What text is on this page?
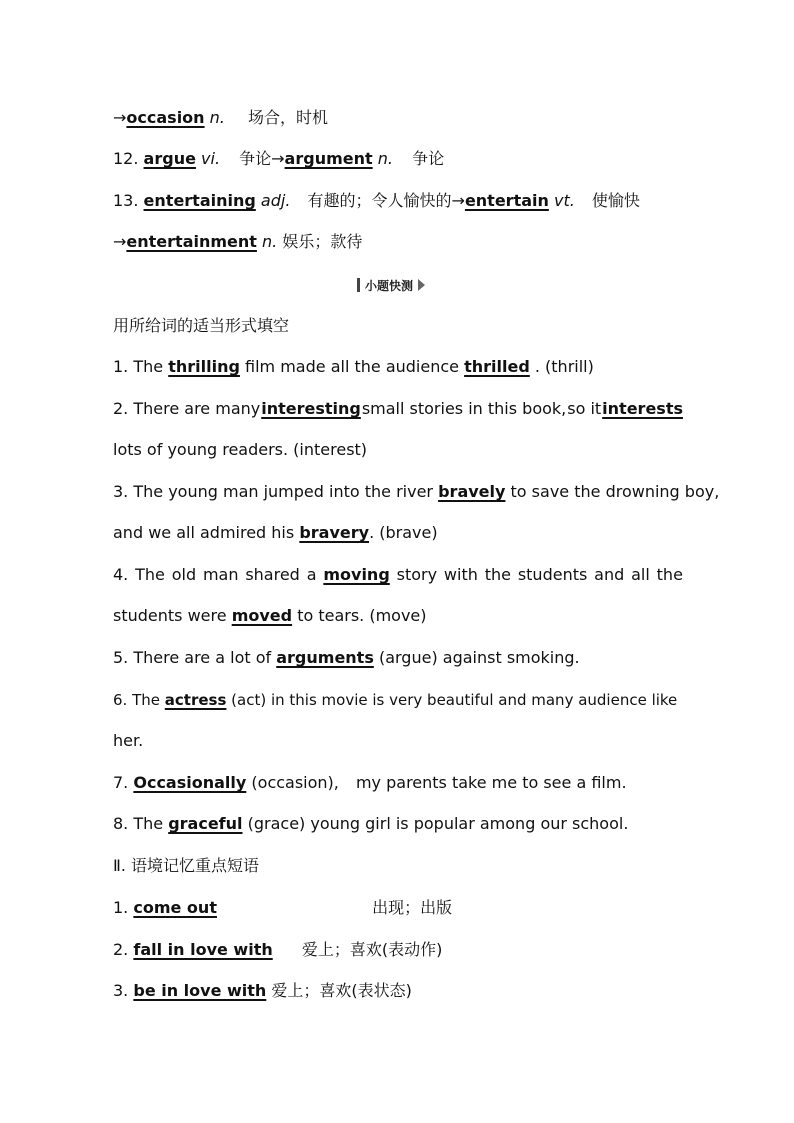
→occasion n. 场合，时机
12. argue vi. 争论→argument n. 争论
13. entertaining adj. 有趣的；令人愉快的→entertain vt. 使愉快
→entertainment n. 娱乐；款待
小题快测
用所给词的适当形式填空
1. The thrilling film made all the audience thrilled . (thrill)
2. There are many interesting small stories in this book, so it interests
lots of young readers. (interest)
3. The young man jumped into the river bravely to save the drowning boy,
and we all admired his bravery. (brave)
4. The old man shared a moving story with the students and all the
students were moved to tears. (move)
5. There are a lot of arguments (argue) against smoking.
6. The actress (act) in this movie is very beautiful and many audience like
her.
7. Occasionally (occasion), my parents take me to see a film.
8. The graceful (grace) young girl is popular among our school.
Ⅱ. 语境记忆重点短语
1. come out	出现；出版
2. fall in love with 爱上；喜欢(表动作)
3. be in love with 爱上；喜欢(表状态)
